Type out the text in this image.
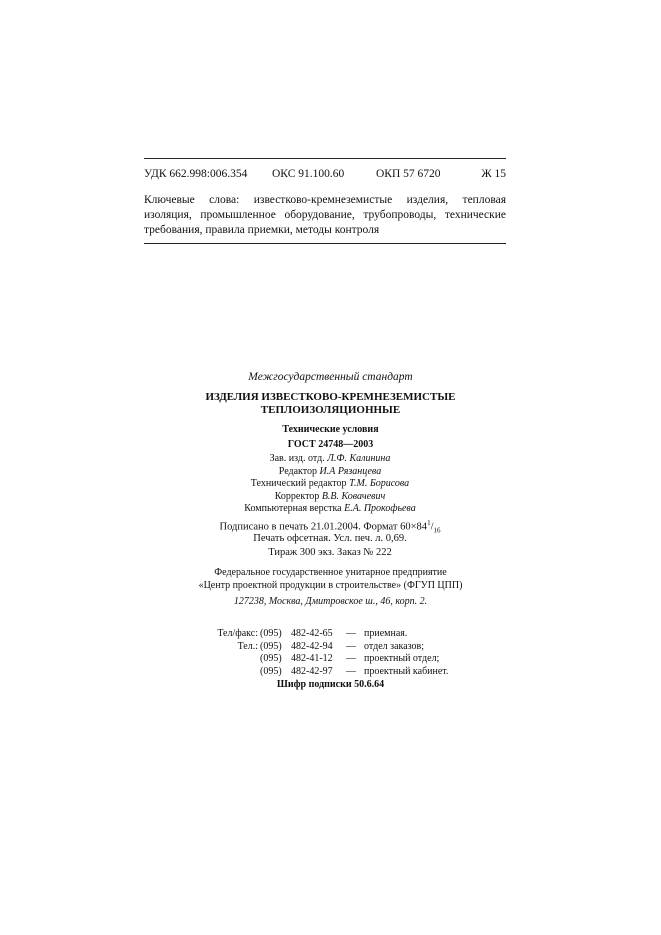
УДК 662.998:006.354 ОКС 91.100.60	ОКП 57 6720	Ж 15
Ключевые слова: известково-кремнеземистые изделия, тепловая изоляция, промышленное оборудование, трубопроводы, технические требования, правила приемки, методы контроля
Межгосударственный стандарт
ИЗДЕЛИЯ ИЗВЕСТКОВО-КРЕМНЕЗЕМИСТЫЕ
ТЕПЛОИЗОЛЯЦИОННЫЕ
Технические условия
ГОСТ 24748—2003
Зав. изд. отд. Л.Ф. Калинина
Редактор И.А Рязанцева
Технический редактор Т.М. Борисова
Корректор В.В. Ковачевич
Компьютерная верстка Е.А. Прокофьева
Подписано в печать 21.01.2004. Формат $60\times 84^1/_{16}$
Печать офсетная. Усл. печ. л. 0,69.
Тираж 300 экз. Заказ № 222
Федеральное государственное унитарное предприятие
«Центр проектной продукции в строительстве» (ФГУП ЦПП)
127238, Москва, Дмитровское ш., 46, корп. 2.
Тел/факс: (095) 482-42-65 — приемная.
Тел.: (095) 482-42-94 — отдел заказов;
(095) 482-41-12 — проектный отдел;
(095) 482-42-97 — проектный кабинет.
Шифр подписки 50.6.64
